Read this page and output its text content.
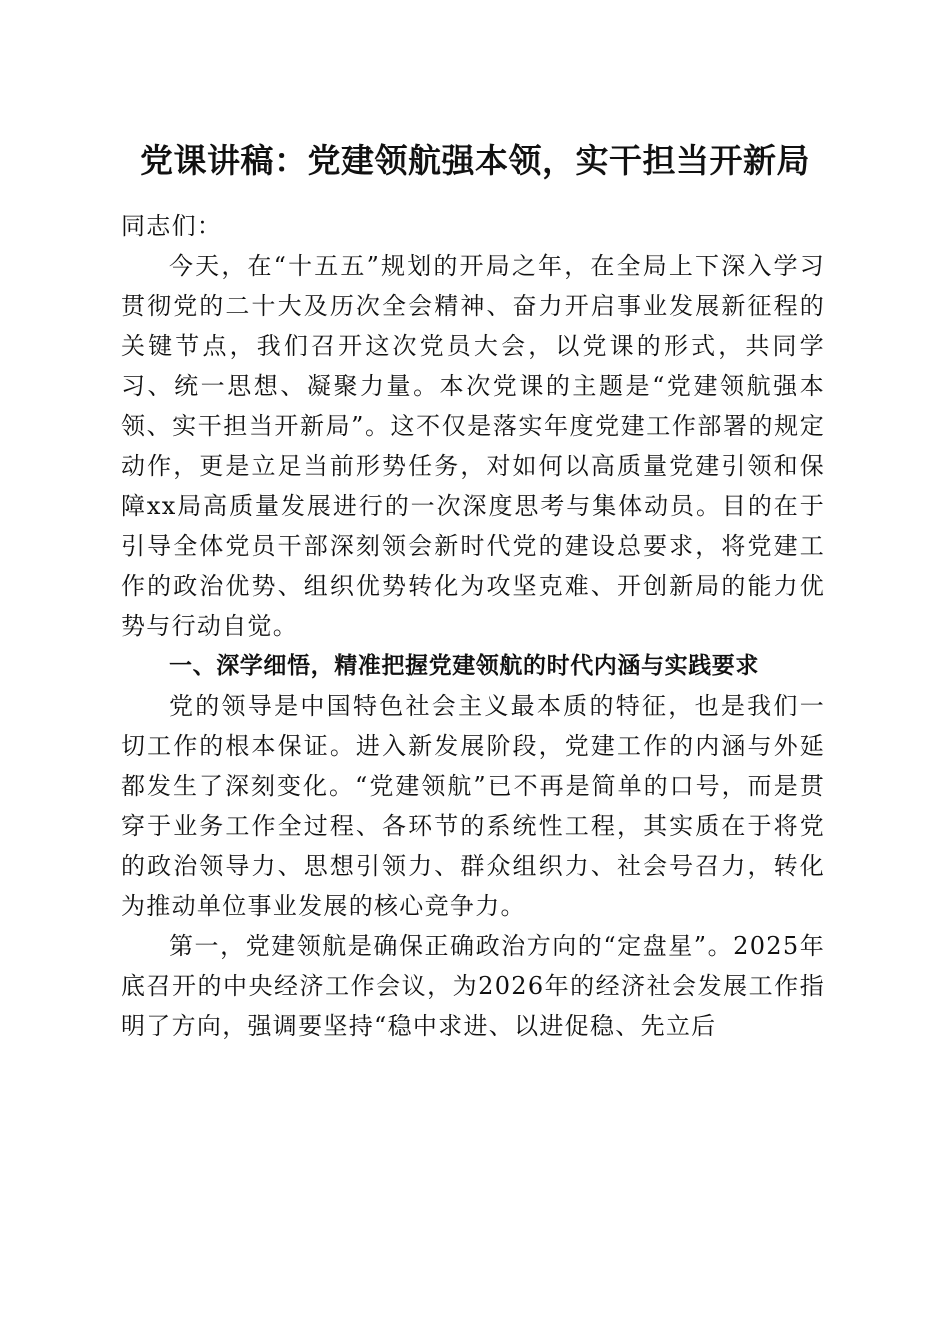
党课讲稿：党建领航强本领，实干担当开新局

同志们：

今天，在“十五五”规划的开局之年，在全局上下深入学习贯彻党的二十大及历次全会精神、奋力开启事业发展新征程的关键节点，我们召开这次党员大会，以党课的形式，共同学习、统一思想、凝聚力量。本次党课的主题是“党建领航强本领、实干担当开新局”。这不仅是落实年度党建工作部署的规定动作，更是立足当前形势任务，对如何以高质量党建引领和保障xx局高质量发展进行的一次深度思考与集体动员。目的在于引导全体党员干部深刻领会新时代党的建设总要求，将党建工作的政治优势、组织优势转化为攻坚克难、开创新局的能力优势与行动自觉。

一、深学细悟，精准把握党建领航的时代内涵与实践要求

党的领导是中国特色社会主义最本质的特征，也是我们一切工作的根本保证。进入新发展阶段，党建工作的内涵与外延都发生了深刻变化。“党建领航”已不再是简单的口号，而是贯穿于业务工作全过程、各环节的系统性工程，其实质在于将党的政治领导力、思想引领力、群众组织力、社会号召力，转化为推动单位事业发展的核心竞争力。

第一，党建领航是确保正确政治方向的“定盘星”。2025年底召开的中央经济工作会议，为2026年的经济社会发展工作指明了方向，强调要坚持“稳中求进、以进促稳、先立后
